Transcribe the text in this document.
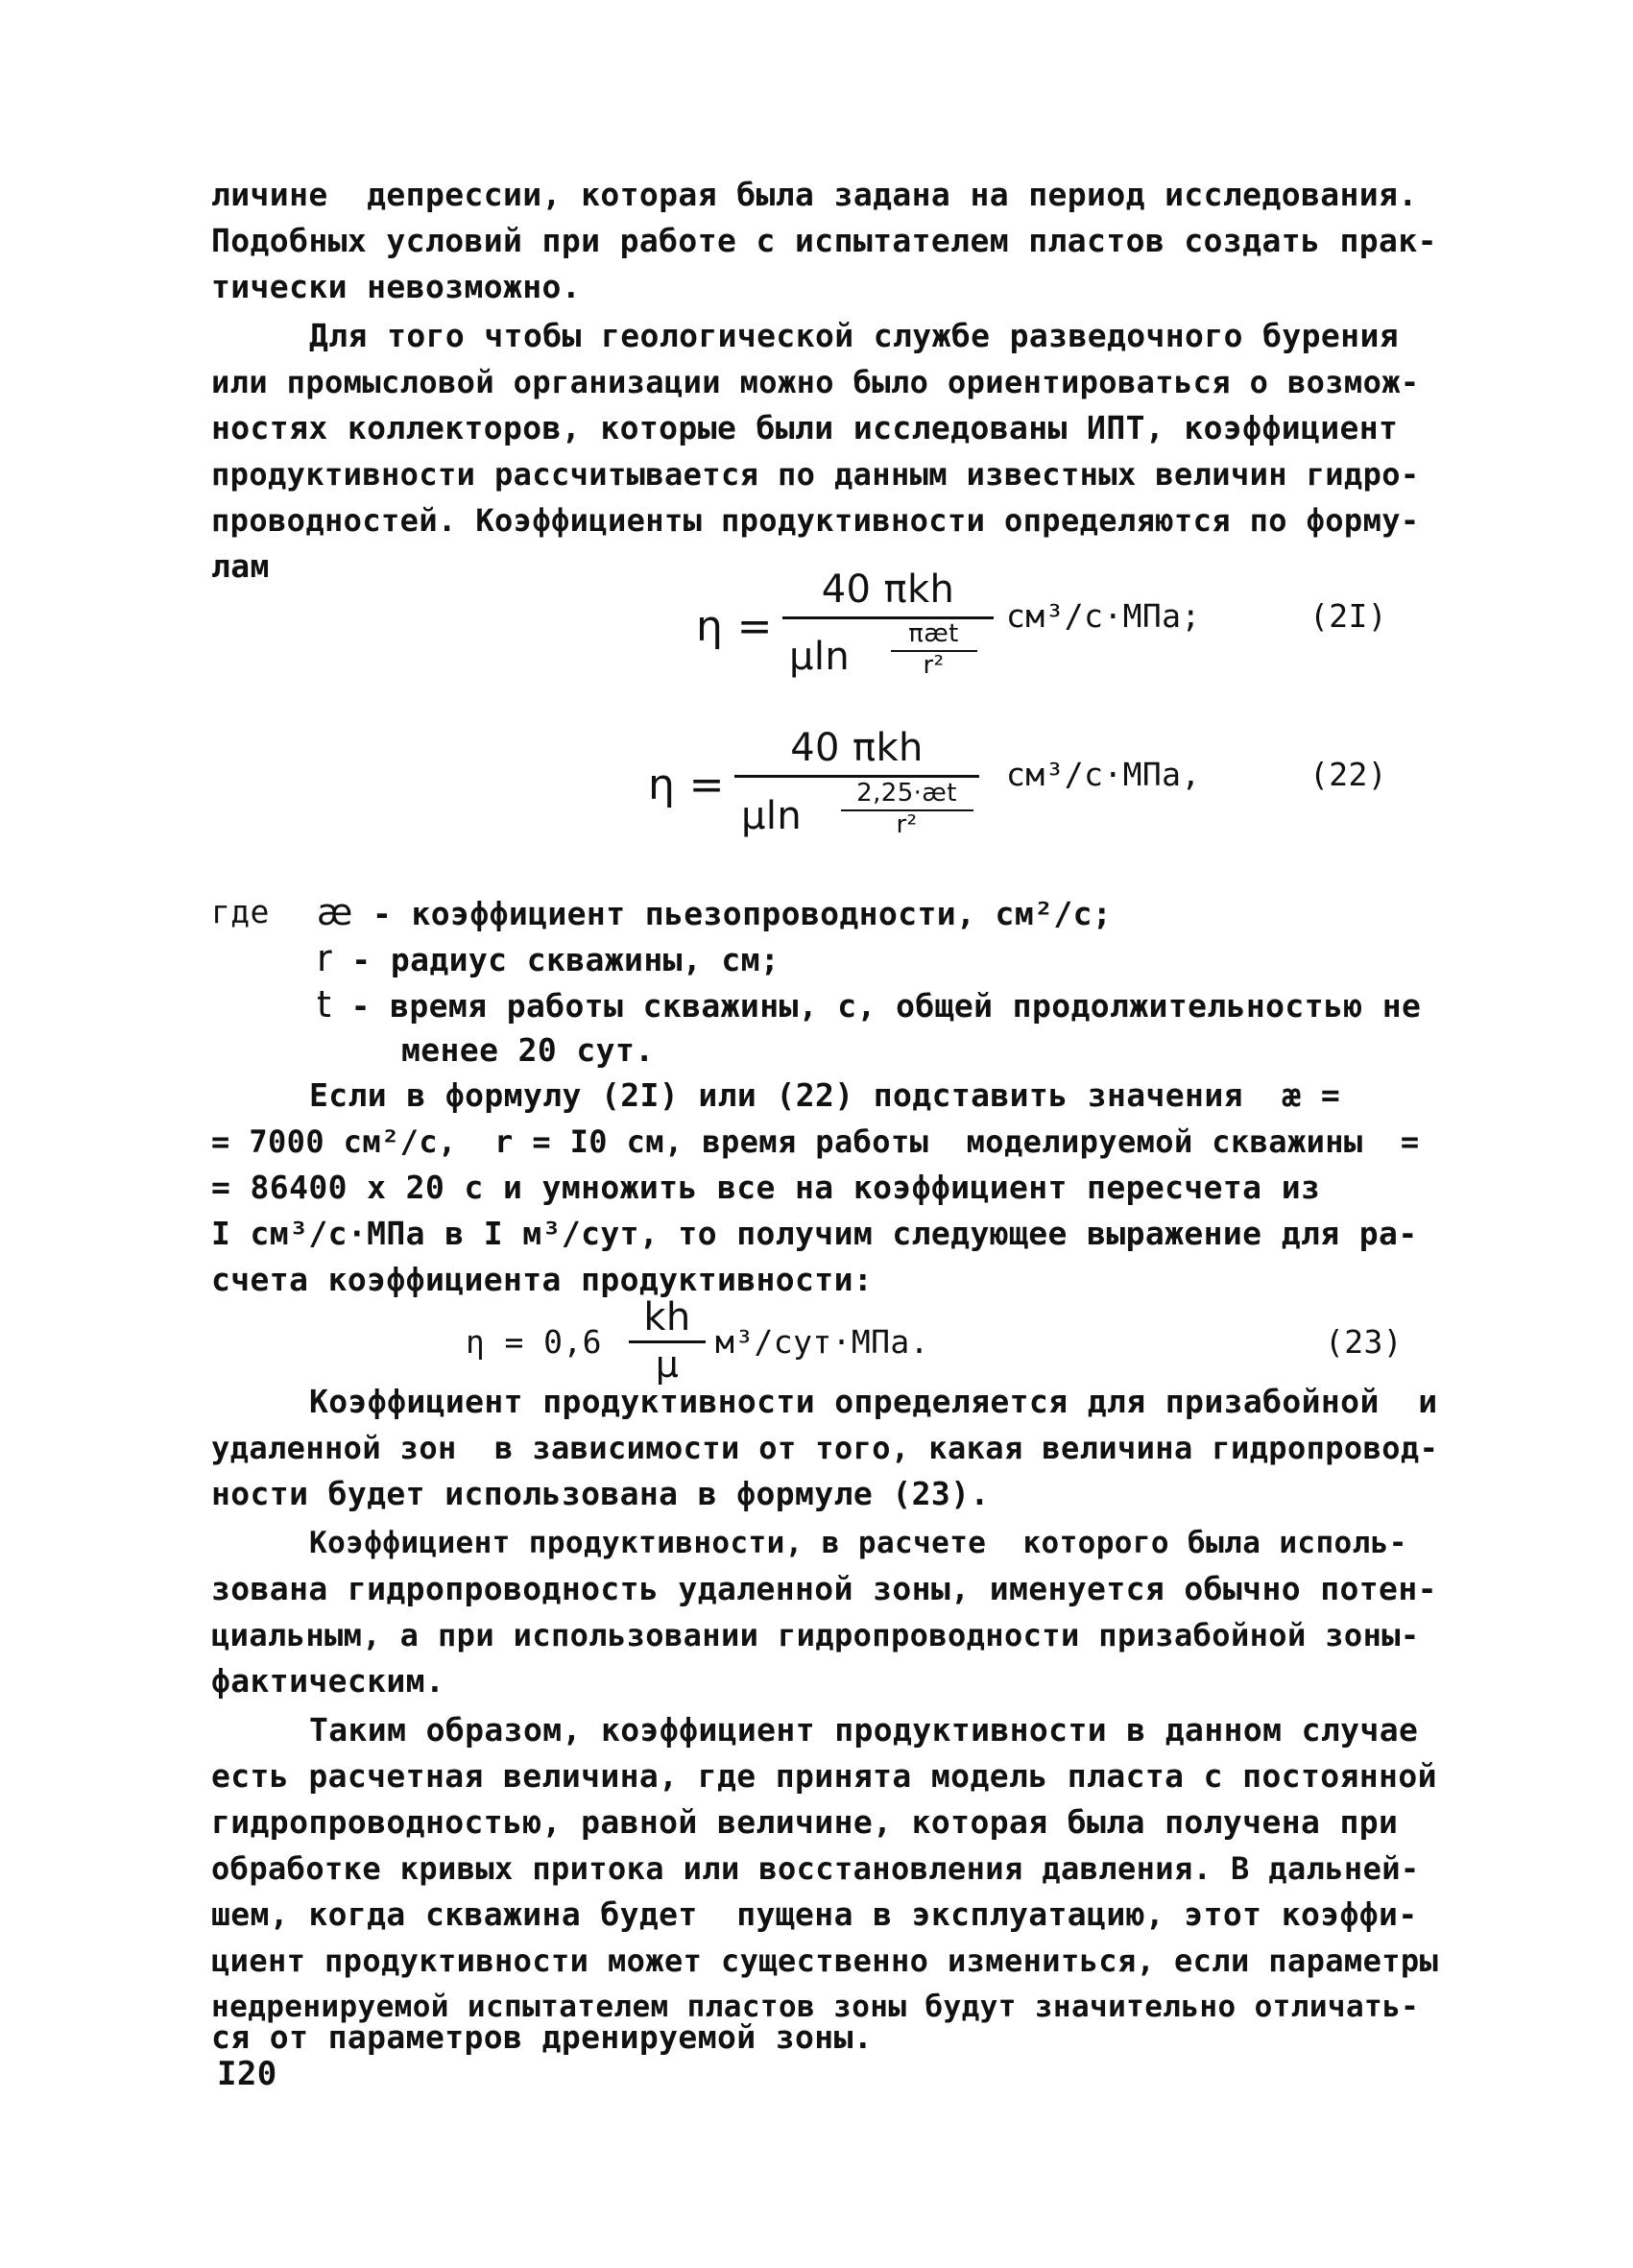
личине  депрессии, которая была задана на период исследования.
Подобных условий при работе с испытателем пластов создать прак-
тически невозможно.
Для того чтобы геологической службе разведочного бурения
или промысловой организации можно было ориентироваться о возмож-
ностях коллекторов, которые были исследованы ИПТ, коэффициент
продуктивности рассчитывается по данным известных величин гидро-
проводностей. Коэффициенты продуктивности определяются по форму-
лам
η =
40 πkh
μln
πæt
r²
см³/с·МПа;	(2I)
η =
40 πkh
μln
2,25·æt
r²
см³/с·МПа,	(22)
где æ - коэффициент пьезопроводности, см²/с;
r - радиус скважины, см;
t - время работы скважины, с, общей продолжительностью не
менее 20 сут.
Если в формулу (2I) или (22) подставить значения  æ =
= 7000 см²/с,  r = I0 см, время работы  моделируемой скважины  =
= 86400 х 20 с и умножить все на коэффициент пересчета из
I см³/с·МПа в I м³/сут, то получим следующее выражение для ра-
счета коэффициента продуктивности:
η = 0,6
kh
μ
м³/сут·МПа.	(23)
Коэффициент продуктивности определяется для призабойной  и
удаленной зон  в зависимости от того, какая величина гидропровод-
ности будет использована в формуле (23).
Коэффициент продуктивности, в расчете  которого была исполь-
зована гидропроводность удаленной зоны, именуется обычно потен-
циальным, а при использовании гидропроводности призабойной зоны-
фактическим.
Таким образом, коэффициент продуктивности в данном случае
есть расчетная величина, где принята модель пласта с постоянной
гидропроводностью, равной величине, которая была получена при
обработке кривых притока или восстановления давления. В дальней-
шем, когда скважина будет  пущена в эксплуатацию, этот коэффи-
циент продуктивности может существенно измениться, если параметры
недренируемой испытателем пластов зоны будут значительно отличать-
ся от параметров дренируемой зоны.
I20
